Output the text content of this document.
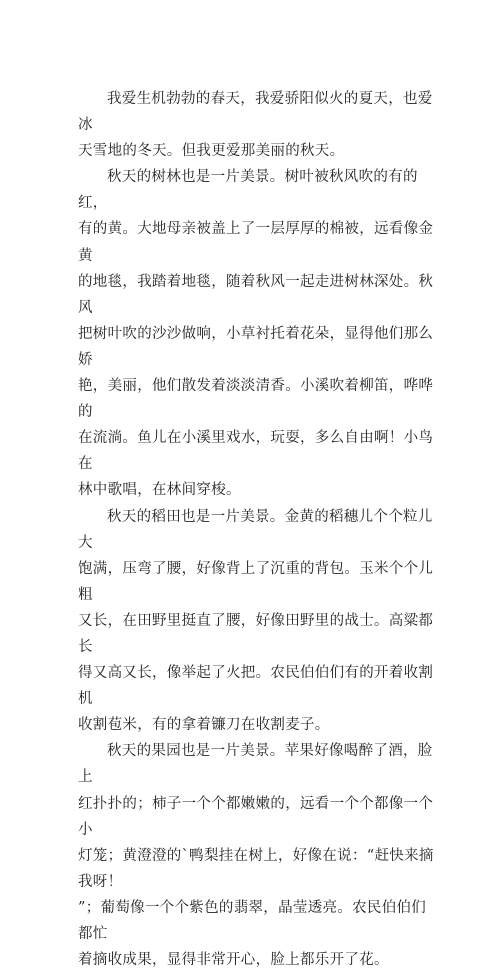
我爱生机勃勃的春天，我爱骄阳似火的夏天，也爱冰
天雪地的冬天。但我更爱那美丽的秋天。

秋天的树林也是一片美景。树叶被秋风吹的有的红，
有的黄。大地母亲被盖上了一层厚厚的棉被，远看像金黄
的地毯，我踏着地毯，随着秋风一起走进树林深处。秋风
把树叶吹的沙沙做响，小草衬托着花朵，显得他们那么娇
艳，美丽，他们散发着淡淡清香。小溪吹着柳笛，哗哗的
在流淌。鱼儿在小溪里戏水，玩耍，多么自由啊！小鸟在
林中歌唱，在林间穿梭。

秋天的稻田也是一片美景。金黄的稻穗儿个个粒儿大
饱满，压弯了腰，好像背上了沉重的背包。玉米个个儿粗
又长，在田野里挺直了腰，好像田野里的战士。高粱都长
得又高又长，像举起了火把。农民伯伯们有的开着收割机
收割苞米，有的拿着镰刀在收割麦子。

秋天的果园也是一片美景。苹果好像喝醉了酒，脸上
红扑扑的；柿子一个个都嫩嫩的，远看一个个都像一个小
灯笼；黄澄澄的`鸭梨挂在树上，好像在说：“赶快来摘我呀！
”；葡萄像一个个紫色的翡翠，晶莹透亮。农民伯伯们都忙
着摘收成果，显得非常开心，脸上都乐开了花。
